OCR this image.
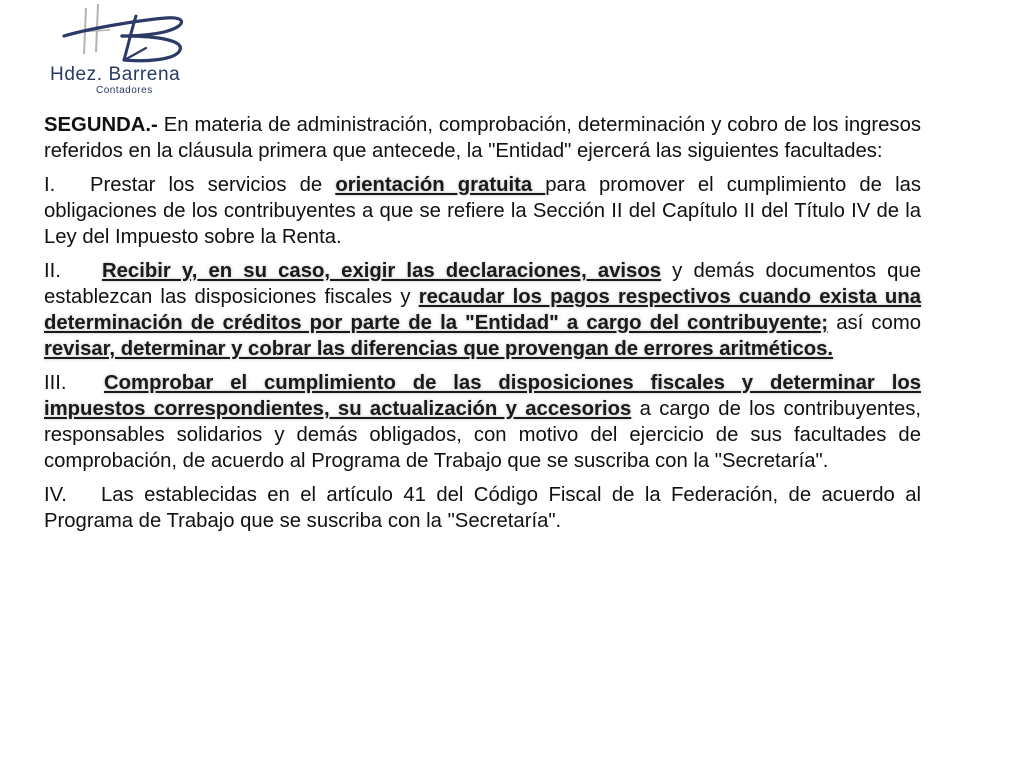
Hdez. Barrena
Contadores

SEGUNDA.- En materia de administración, comprobación, determinación y cobro de los ingresos referidos en la cláusula primera que antecede, la "Entidad" ejercerá las siguientes facultades:

I. Prestar los servicios de orientación gratuita para promover el cumplimiento de las obligaciones de los contribuyentes a que se refiere la Sección II del Capítulo II del Título IV de la Ley del Impuesto sobre la Renta.

II. Recibir y, en su caso, exigir las declaraciones, avisos y demás documentos que establezcan las disposiciones fiscales y recaudar los pagos respectivos cuando exista una determinación de créditos por parte de la "Entidad" a cargo del contribuyente; así como revisar, determinar y cobrar las diferencias que provengan de errores aritméticos.

III. Comprobar el cumplimiento de las disposiciones fiscales y determinar los impuestos correspondientes, su actualización y accesorios a cargo de los contribuyentes, responsables solidarios y demás obligados, con motivo del ejercicio de sus facultades de comprobación, de acuerdo al Programa de Trabajo que se suscriba con la "Secretaría".

IV. Las establecidas en el artículo 41 del Código Fiscal de la Federación, de acuerdo al Programa de Trabajo que se suscriba con la "Secretaría".
